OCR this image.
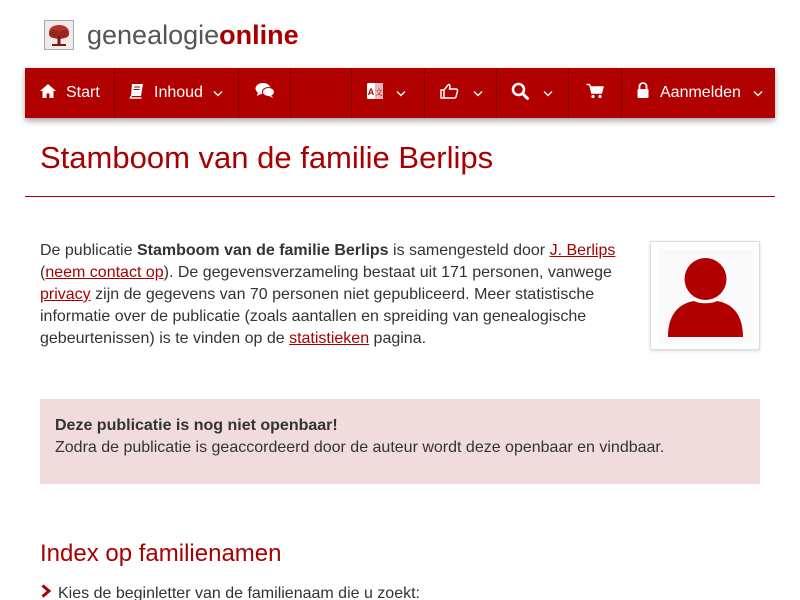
genealogieonline
Start	Inhoud	A 文	Aanmelden
Stamboom van de familie Berlips

De publicatie Stamboom van de familie Berlips is samengesteld door J. Berlips
(neem contact op). De gegevensverzameling bestaat uit 171 personen, vanwege privacy zijn de gegevens van 70 personen niet gepubliceerd. Meer statistische informatie over de publicatie (zoals aantallen en spreiding van genealogische gebeurtenissen) is te vinden op de statistieken pagina.

Deze publicatie is nog niet openbaar!
Zodra de publicatie is geaccordeerd door de auteur wordt deze openbaar en vindbaar.
Index op familienamen
Kies de beginletter van de familienaam die u zoekt:
